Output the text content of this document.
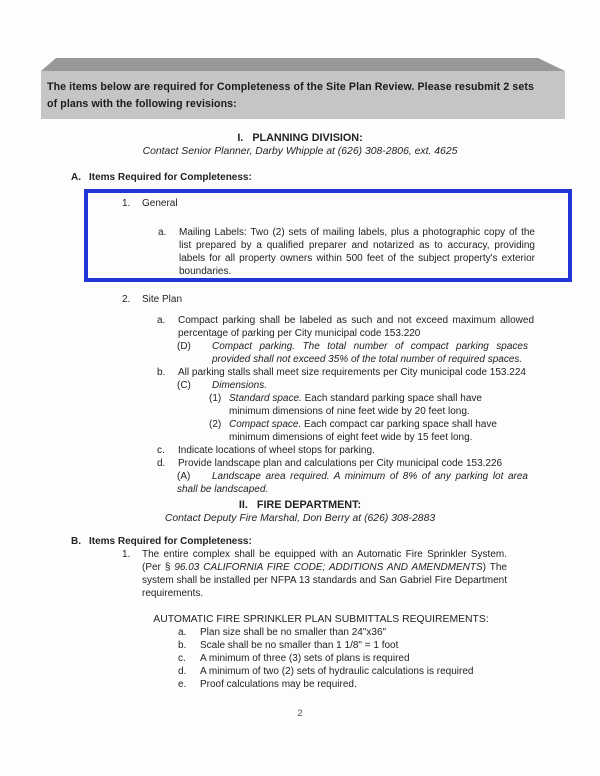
The items below are required for Completeness of the Site Plan Review. Please resubmit 2 sets of plans with the following revisions:
I. PLANNING DIVISION:
Contact Senior Planner, Darby Whipple at (626) 308-2806, ext. 4625
A. Items Required for Completeness:
1.	General
a.	Mailing Labels: Two (2) sets of mailing labels, plus a photographic copy of the list prepared by a qualified preparer and notarized as to accuracy, providing labels for all property owners within 500 feet of the subject property's exterior boundaries.
2.	Site Plan
a.	Compact parking shall be labeled as such and not exceed maximum allowed percentage of parking per City municipal code 153.220
(D)	Compact parking. The total number of compact parking spaces provided shall not exceed 35% of the total number of required spaces.
b.	All parking stalls shall meet size requirements per City municipal code 153.224
(C)	Dimensions.
(1) Standard space. Each standard parking space shall have minimum dimensions of nine feet wide by 20 feet long.
(2) Compact space. Each compact car parking space shall have minimum dimensions of eight feet wide by 15 feet long.
c.	Indicate locations of wheel stops for parking.
d.	Provide landscape plan and calculations per City municipal code 153.226
(A) Landscape area required. A minimum of 8% of any parking lot area shall be landscaped.
II. FIRE DEPARTMENT:
Contact Deputy Fire Marshal, Don Berry at (626) 308-2883
B. Items Required for Completeness:
1.	The entire complex shall be equipped with an Automatic Fire Sprinkler System. (Per § 96.03 CALIFORNIA FIRE CODE; ADDITIONS AND AMENDMENTS) The system shall be installed per NFPA 13 standards and San Gabriel Fire Department requirements.
AUTOMATIC FIRE SPRINKLER PLAN SUBMITTALS REQUIREMENTS:
a.	Plan size shall be no smaller than 24"x36"
b.	Scale shall be no smaller than 1 1/8" = 1 foot
c.	A minimum of three (3) sets of plans is required
d.	A minimum of two (2) sets of hydraulic calculations is required
e.	Proof calculations may be required.
2
